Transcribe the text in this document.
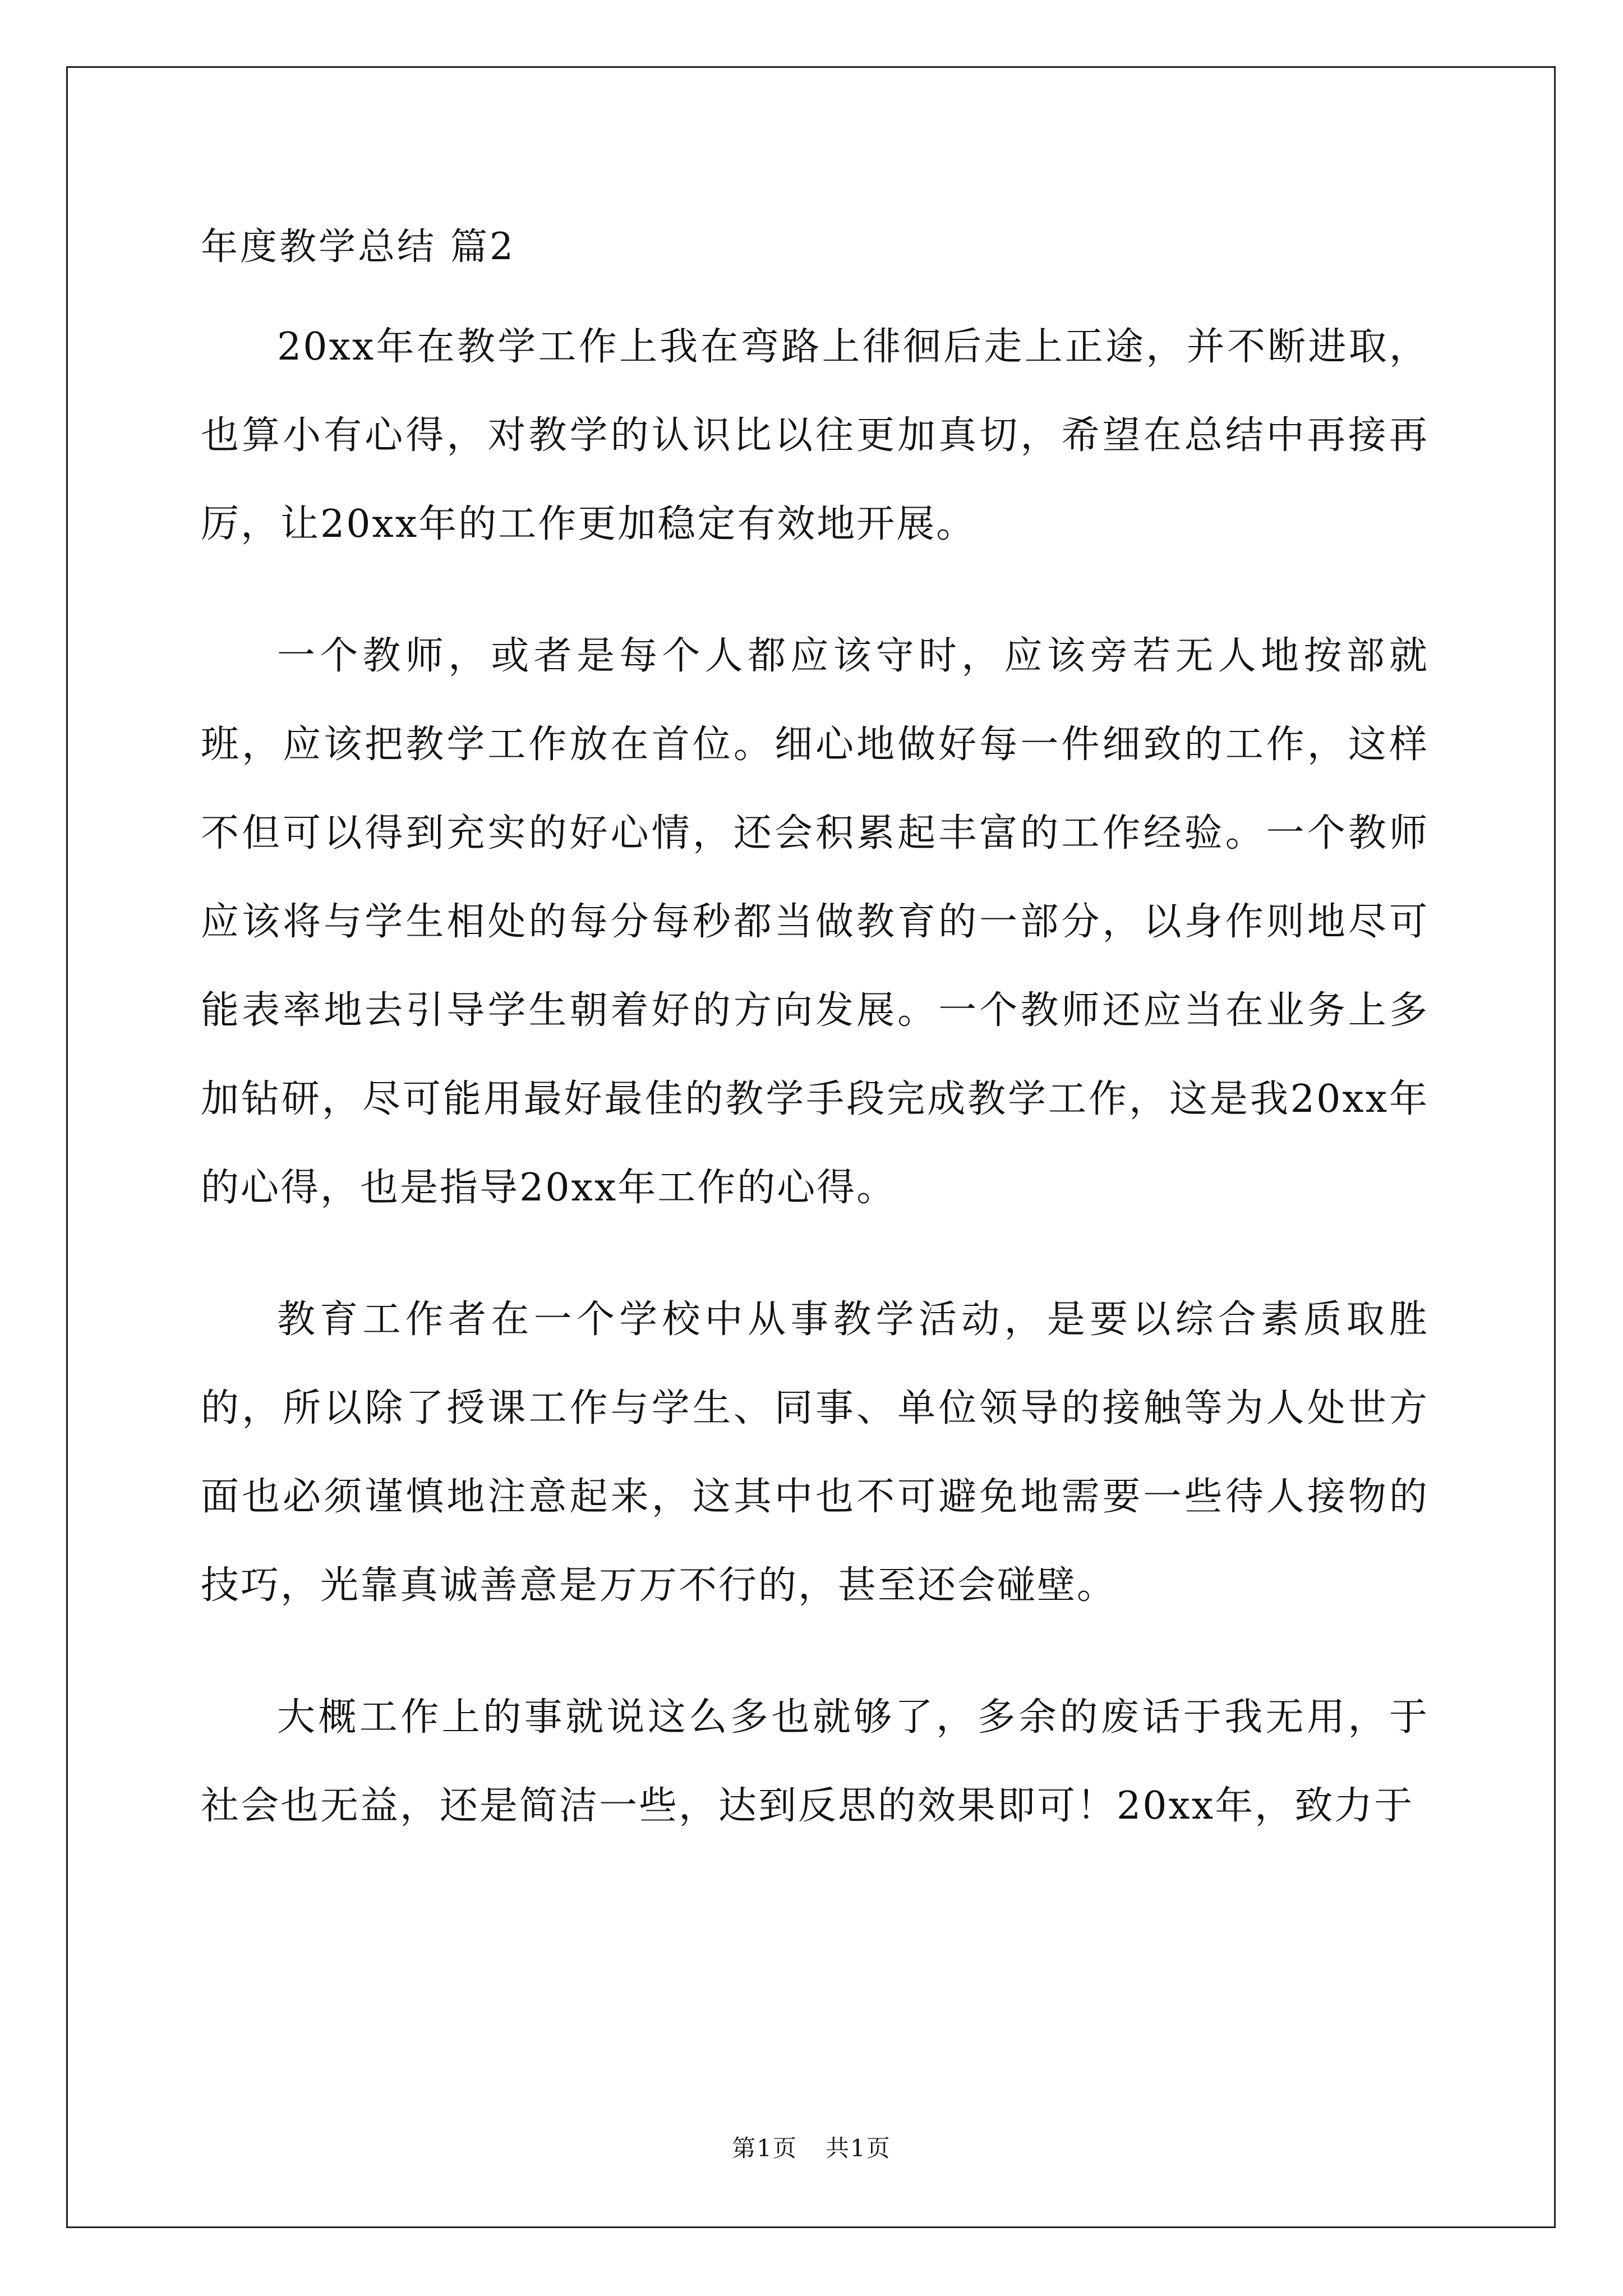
年度教学总结 篇2

20xx年在教学工作上我在弯路上徘徊后走上正途，并不断进取，也算小有心得，对教学的认识比以往更加真切，希望在总结中再接再厉，让20xx年的工作更加稳定有效地开展。

一个教师，或者是每个人都应该守时，应该旁若无人地按部就班，应该把教学工作放在首位。细心地做好每一件细致的工作，这样不但可以得到充实的好心情，还会积累起丰富的工作经验。一个教师应该将与学生相处的每分每秒都当做教育的一部分，以身作则地尽可能表率地去引导学生朝着好的方向发展。一个教师还应当在业务上多加钻研，尽可能用最好最佳的教学手段完成教学工作，这是我20xx年的心得，也是指导20xx年工作的心得。

教育工作者在一个学校中从事教学活动，是要以综合素质取胜的，所以除了授课工作与学生、同事、单位领导的接触等为人处世方面也必须谨慎地注意起来，这其中也不可避免地需要一些待人接物的技巧，光靠真诚善意是万万不行的，甚至还会碰壁。

大概工作上的事就说这么多也就够了，多余的废话于我无用，于社会也无益，还是简洁一些，达到反思的效果即可！20xx年，致力于

第1页 共1页
